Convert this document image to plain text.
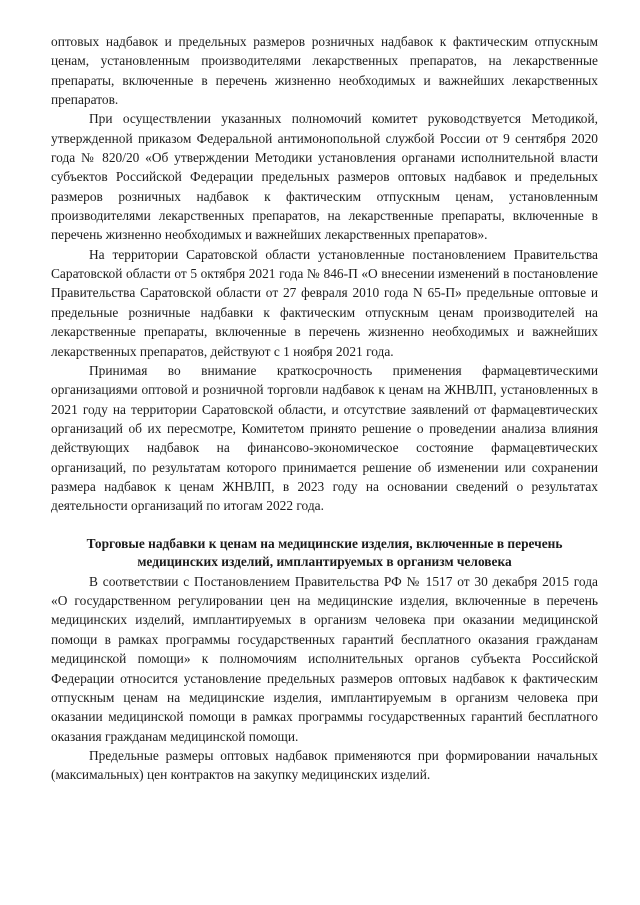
оптовых надбавок и предельных размеров розничных надбавок к фактическим отпускным ценам, установленным производителями лекарственных препаратов, на лекарственные препараты, включенные в перечень жизненно необходимых и важнейших лекарственных препаратов.

При осуществлении указанных полномочий комитет руководствуется Методикой, утвержденной приказом Федеральной антимонопольной службой России от 9 сентября 2020 года № 820/20 «Об утверждении Методики установления органами исполнительной власти субъектов Российской Федерации предельных размеров оптовых надбавок и предельных размеров розничных надбавок к фактическим отпускным ценам, установленным производителями лекарственных препаратов, на лекарственные препараты, включенные в перечень жизненно необходимых и важнейших лекарственных препаратов».

На территории Саратовской области установленные постановлением Правительства Саратовской области от 5 октября 2021 года № 846-П «О внесении изменений в постановление Правительства Саратовской области от 27 февраля 2010 года N 65-П» предельные оптовые и предельные розничные надбавки к фактическим отпускным ценам производителей на лекарственные препараты, включенные в перечень жизненно необходимых и важнейших лекарственных препаратов, действуют с 1 ноября 2021 года.

Принимая во внимание краткосрочность применения фармацевтическими организациями оптовой и розничной торговли надбавок к ценам на ЖНВЛП, установленных в 2021 году на территории Саратовской области, и отсутствие заявлений от фармацевтических организаций об их пересмотре, Комитетом принято решение о проведении анализа влияния действующих надбавок на финансово-экономическое состояние фармацевтических организаций, по результатам которого принимается решение об изменении или сохранении размера надбавок к ценам ЖНВЛП, в 2023 году на основании сведений о результатах деятельности организаций по итогам 2022 года.

Торговые надбавки к ценам на медицинские изделия, включенные в перечень медицинских изделий, имплантируемых в организм человека

В соответствии с Постановлением Правительства РФ № 1517 от 30 декабря 2015 года «О государственном регулировании цен на медицинские изделия, включенные в перечень медицинских изделий, имплантируемых в организм человека при оказании медицинской помощи в рамках программы государственных гарантий бесплатного оказания гражданам медицинской помощи» к полномочиям исполнительных органов субъекта Российской Федерации относится установление предельных размеров оптовых надбавок к фактическим отпускным ценам на медицинские изделия, имплантируемым в организм человека при оказании медицинской помощи в рамках программы государственных гарантий бесплатного оказания гражданам медицинской помощи.

Предельные размеры оптовых надбавок применяются при формировании начальных (максимальных) цен контрактов на закупку медицинских изделий.
